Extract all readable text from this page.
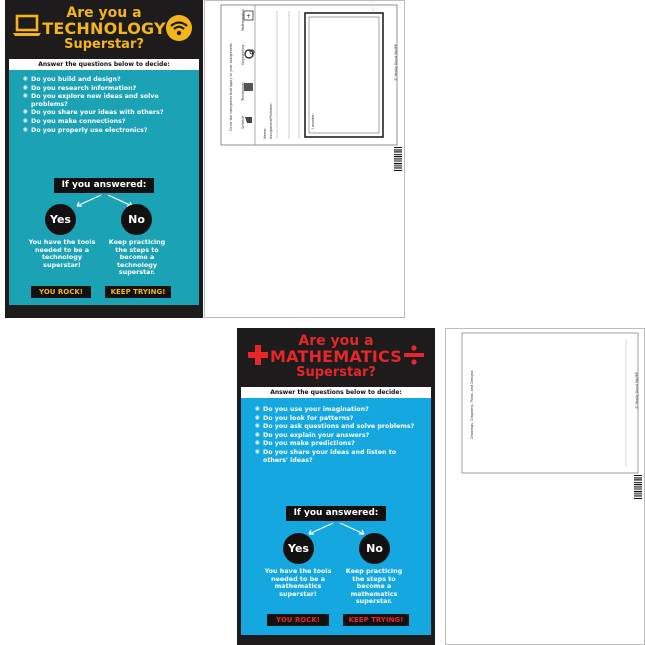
Are you a
TECHNOLOGY
Superstar?
Answer the questions below to decide:
◉ Do you build and design?
◉ Do you research information?
◉ Do you explore new ideas and solve problems?
◉ Do you share your ideas with others?
◉ Do you make connections?
◉ Do you properly use electronics?
If you answered:
Yes	No
You have the tools needed to be a technology superstar!
Keep practicing the steps to become a technology superstar.
YOU ROCK!	KEEP TRYING!
+
Circle the categories that apply to your assignment: Science
Technology
Engineering
Mathematics
Name: Assignment/Problem:	I wonder:
© Really Good Stuff®
Are you a
MATHEMATICS
Superstar?
Answer the questions below to decide:
◉ Do you use your imagination?
◉ Do you look for patterns?
◉ Do you ask questions and solve problems?
◉ Do you explain your answers?
◉ Do you make predictions?
◉ Do you share your ideas and listen to others' ideas?
If you answered:
Yes	No
You have the tools needed to be a mathematics superstar!
Keep practicing the steps to become a mathematics superstar.
YOU ROCK!	KEEP TRYING!
Drawings, Diagrams, Plans, and Designs	© Really Good Stuff®
